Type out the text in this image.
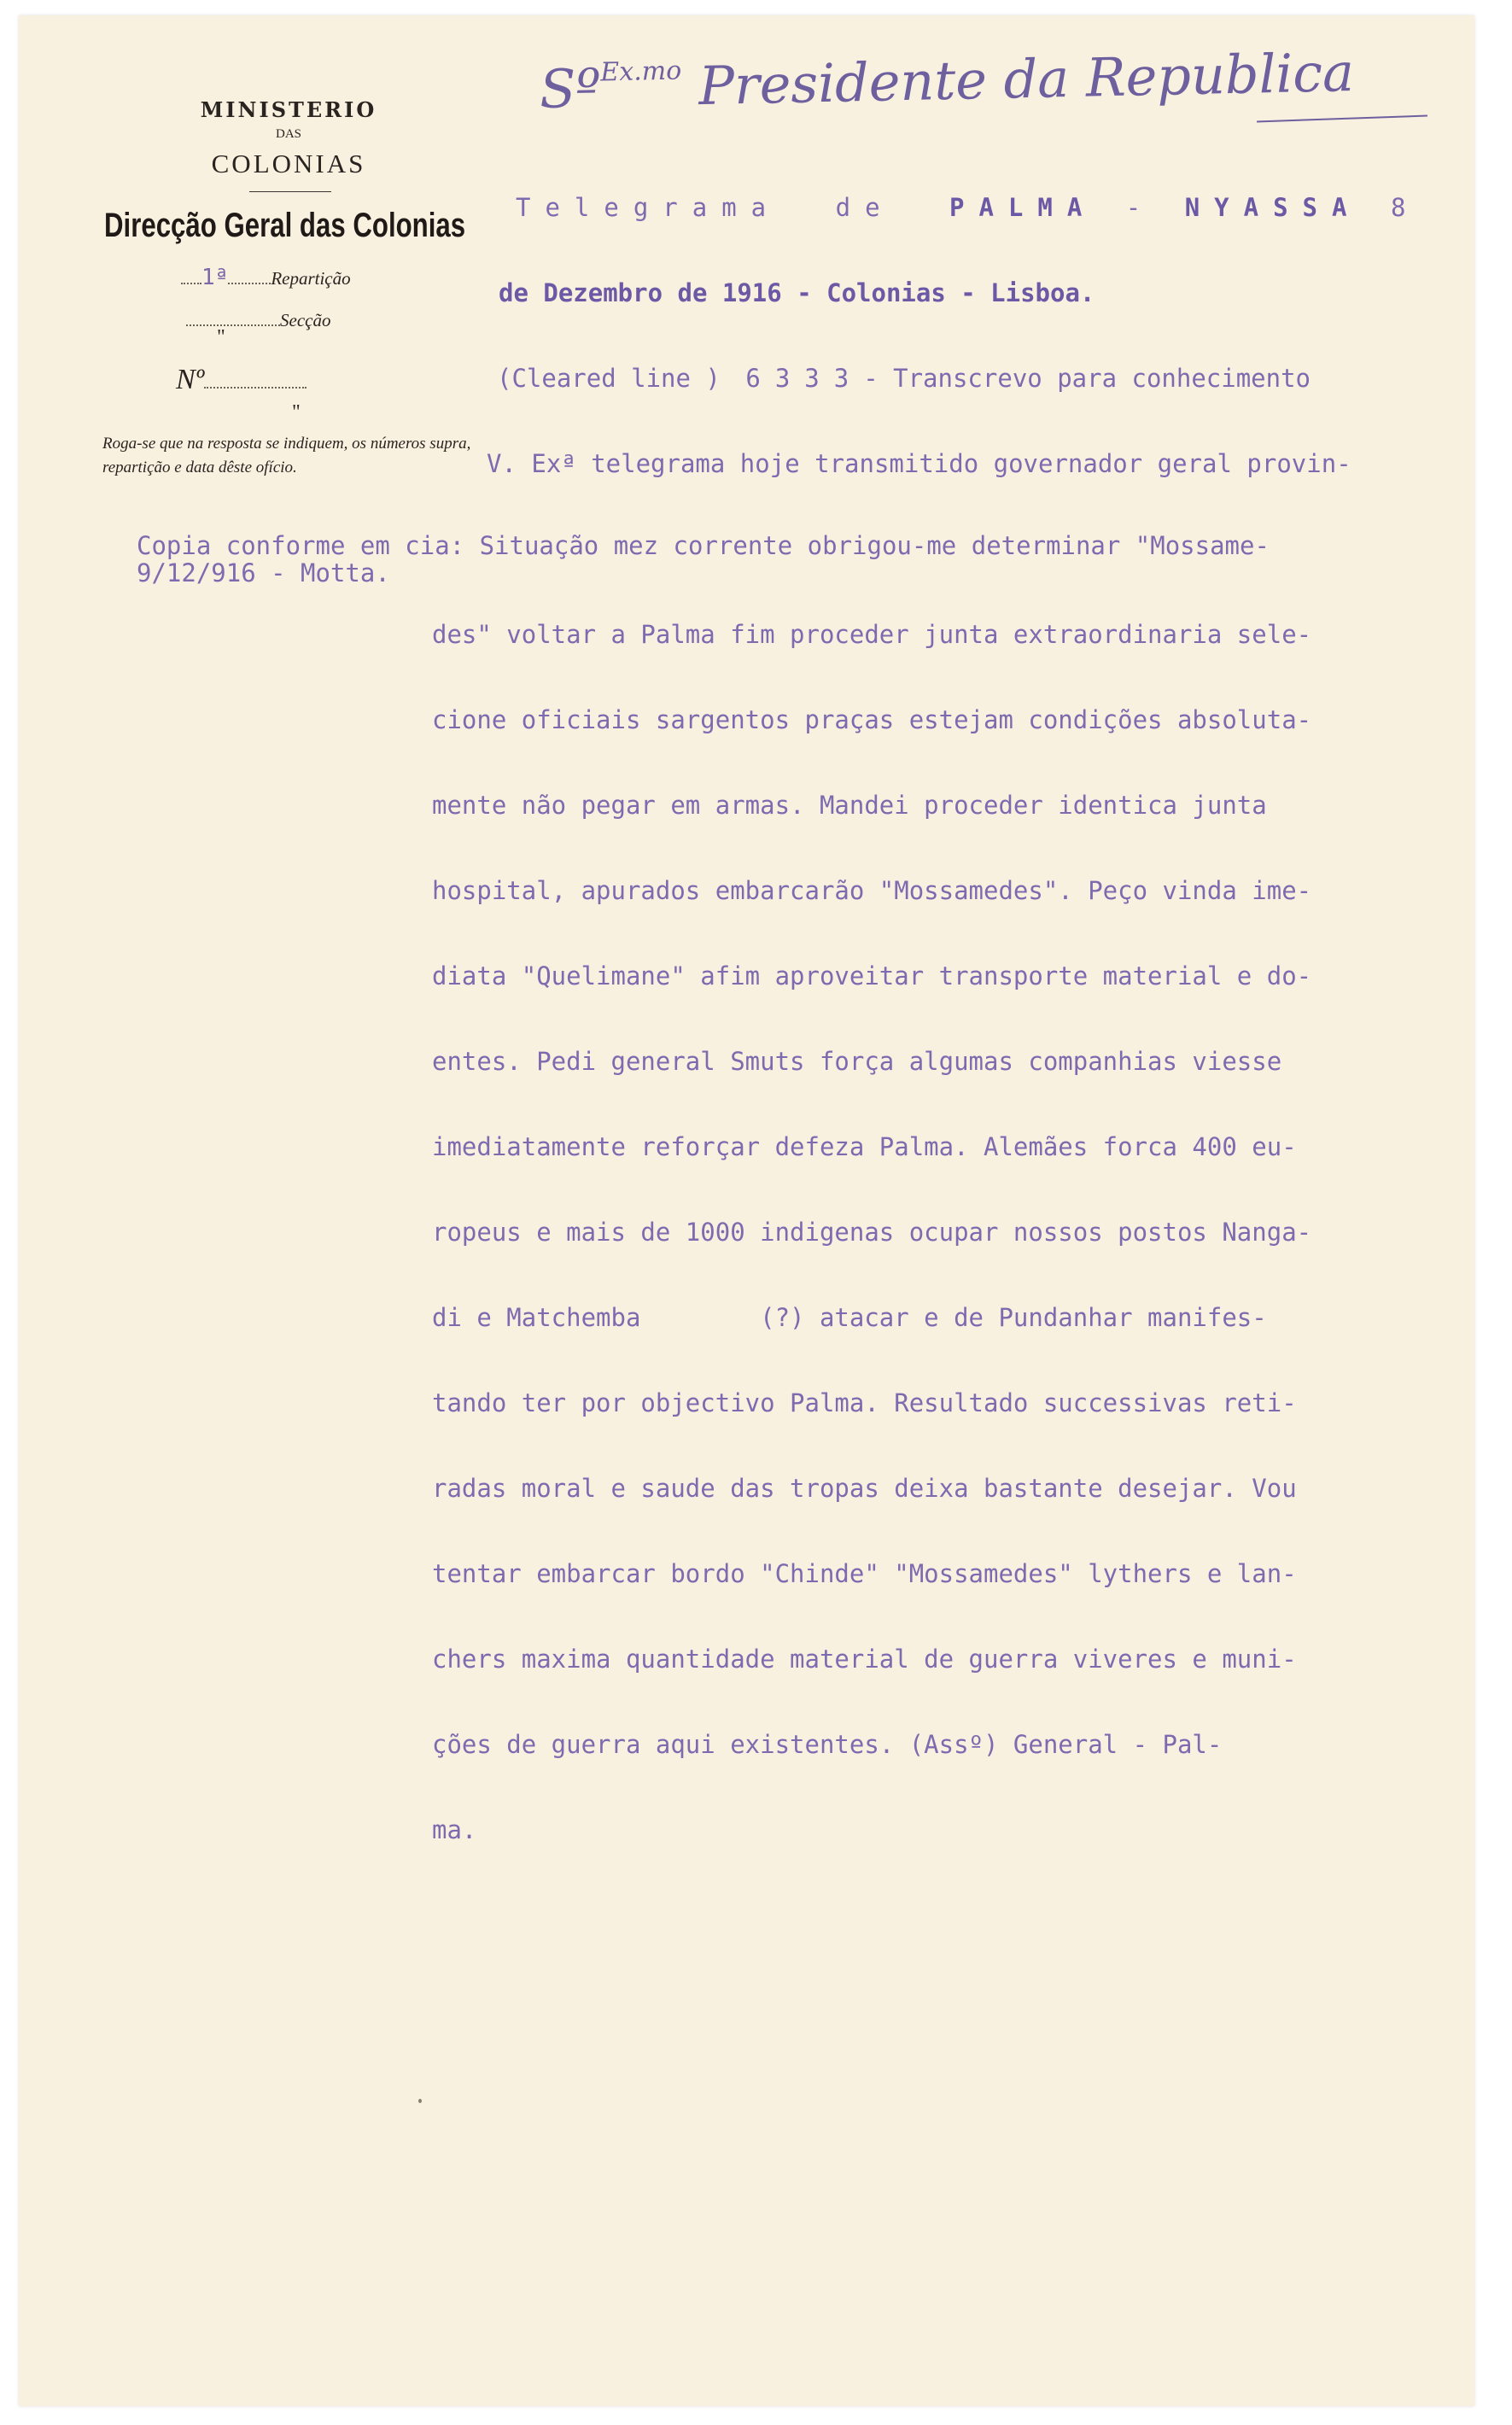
MINISTERIO
DAS
COLONIAS
Direcção Geral das Colonias
1ª Repartição
Secção
"
Nº
"
Roga-se que na resposta se indiquem, os números supra, repartição e data dêste ofício.
Sº$^{Ex.mo}$ Presidente da Republica
Telegrama de PALMA - NYASSA 8
de Dezembro de 1916 - Colonias - Lisboa.
(Cleared line ) 6333- Transcrevo para conhecimento
V. Exª telegrama hoje transmitido governador geral provin-
Copia conforme em cia: Situação mez corrente obrigou-me determinar "Mossame-
9/12/916 - Motta.
des" voltar a Palma fim proceder junta extraordinaria sele-
cione oficiais sargentos praças estejam condições absoluta-
mente não pegar em armas. Mandei proceder identica junta
hospital, apurados embarcarão "Mossamedes". Peço vinda ime-
diata "Quelimane" afim aproveitar transporte material e do-
entes. Pedi general Smuts força algumas companhias viesse
imediatamente reforçar defeza Palma. Alemães forca 400 eu-
ropeus e mais de 1000 indigenas ocupar nossos postos Nanga-
di e Matchemba        (?) atacar e de Pundanhar manifes-
tando ter por objectivo Palma. Resultado successivas reti-
radas moral e saude das tropas deixa bastante desejar. Vou
tentar embarcar bordo "Chinde" "Mossamedes" lythers e lan-
chers maxima quantidade material de guerra viveres e muni-
ções de guerra aqui existentes. (Assº) General - Pal-
ma.
